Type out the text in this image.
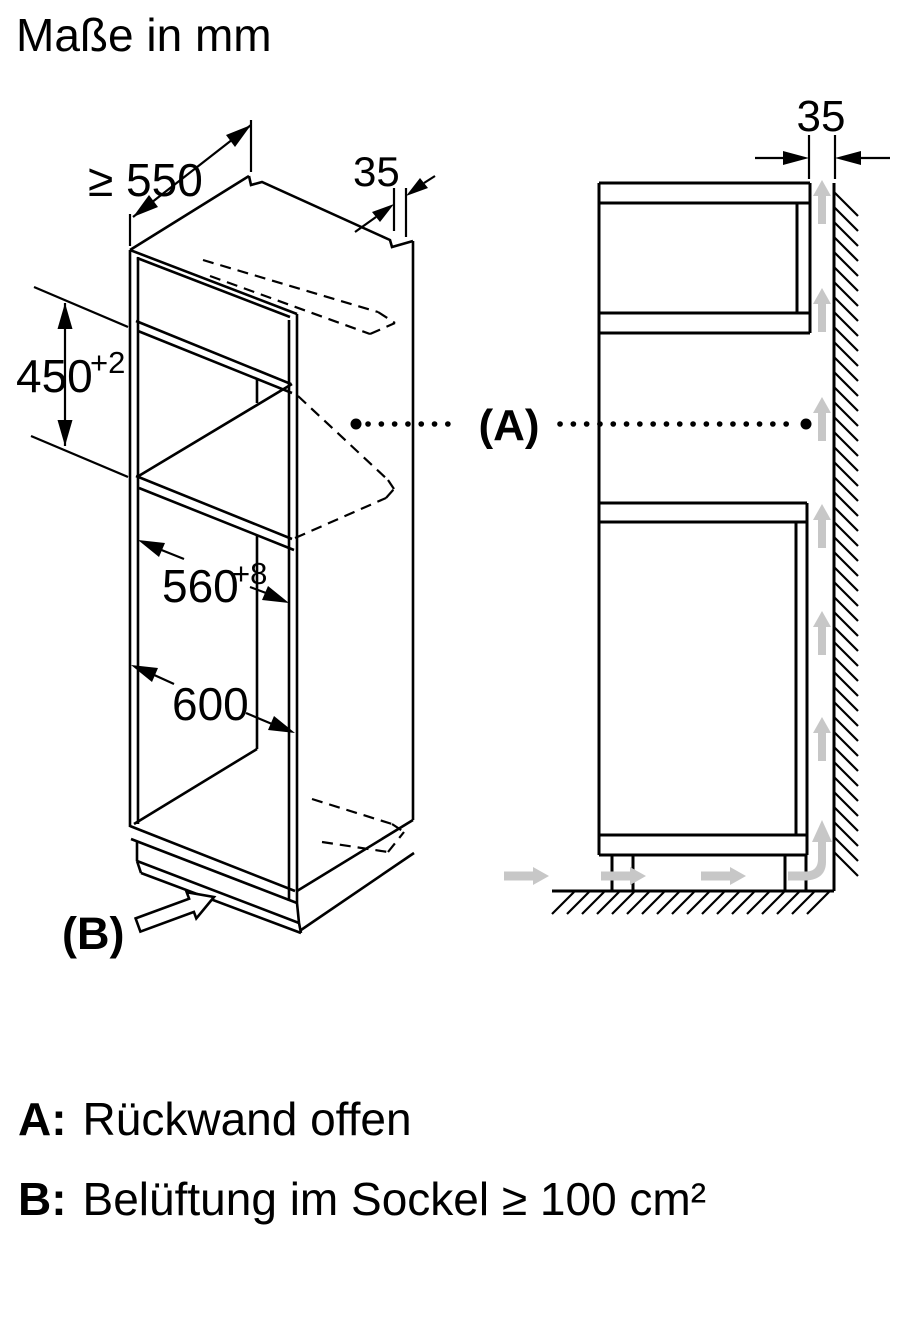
Maße in mm
≥ 550	35
450
+2
560
+8
600
(B)
35
(A)
A: Rückwand offen
B: Belüftung im Sockel ≥ 100 cm²
